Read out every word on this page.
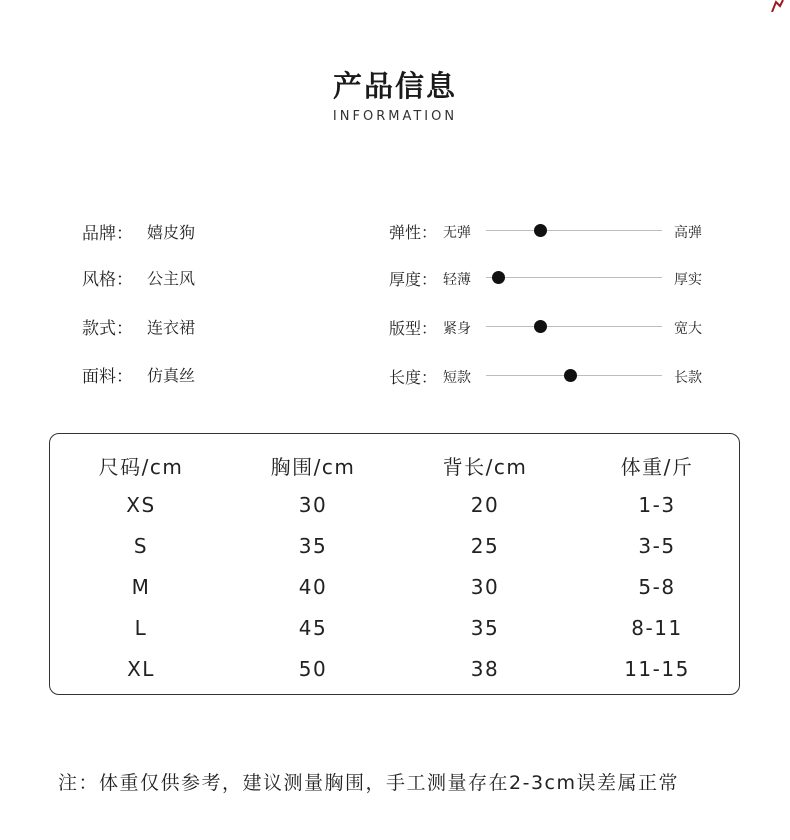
产品信息
INFORMATION
品牌： 嬉皮狗
风格： 公主风
款式： 连衣裙
面料： 仿真丝
弹性： 无弹	高弹
厚度： 轻薄	厚实
版型： 紧身	宽大
长度： 短款	长款
尺码/cm	胸围/cm	背长/cm	体重/斤
XS	30	20	1-3
S	35	25	3-5
M	40	30	5-8
L	45	35	8-11
XL	50	38	11-15
注：体重仅供参考，建议测量胸围，手工测量存在2-3cm误差属正常
